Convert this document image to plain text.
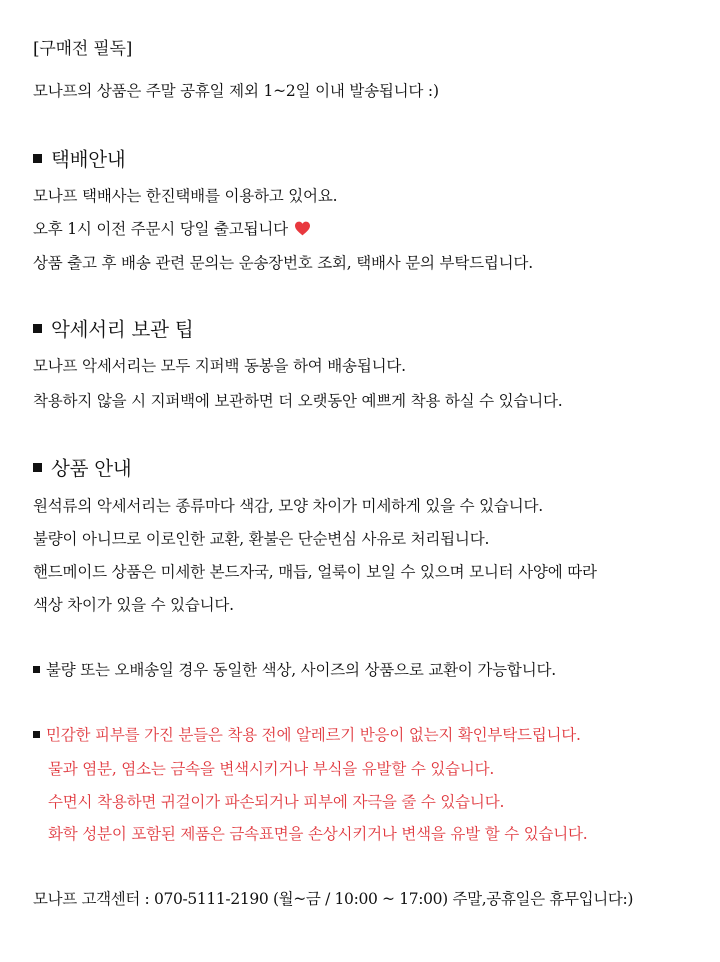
[구매전 필독]
모나프의 상품은 주말 공휴일 제외 1~2일 이내 발송됩니다 :)
택배안내
모나프 택배사는 한진택배를 이용하고 있어요.
오후 1시 이전 주문시 당일 출고됩니다
상품 출고 후 배송 관련 문의는 운송장번호 조회, 택배사 문의 부탁드립니다.
악세서리 보관 팁
모나프 악세서리는 모두 지퍼백 동봉을 하여 배송됩니다.
착용하지 않을 시 지퍼백에 보관하면 더 오랫동안 예쁘게 착용 하실 수 있습니다.
상품 안내
원석류의 악세서리는 종류마다 색감, 모양 차이가 미세하게 있을 수 있습니다.
불량이 아니므로 이로인한 교환, 환불은 단순변심 사유로 처리됩니다.
핸드메이드 상품은 미세한 본드자국, 매듭, 얼룩이 보일 수 있으며 모니터 사양에 따라
색상 차이가 있을 수 있습니다.
불량 또는 오배송일 경우 동일한 색상, 사이즈의 상품으로 교환이 가능합니다.
민감한 피부를 가진 분들은 착용 전에 알레르기 반응이 없는지 확인부탁드립니다.
물과 염분, 염소는 금속을 변색시키거나 부식을 유발할 수 있습니다.
수면시 착용하면 귀걸이가 파손되거나 피부에 자극을 줄 수 있습니다.
화학 성분이 포함된 제품은 금속표면을 손상시키거나 변색을 유발 할 수 있습니다.
모나프 고객센터 : 070-5111-2190 (월~금 / 10:00 ~ 17:00) 주말,공휴일은 휴무입니다:)
